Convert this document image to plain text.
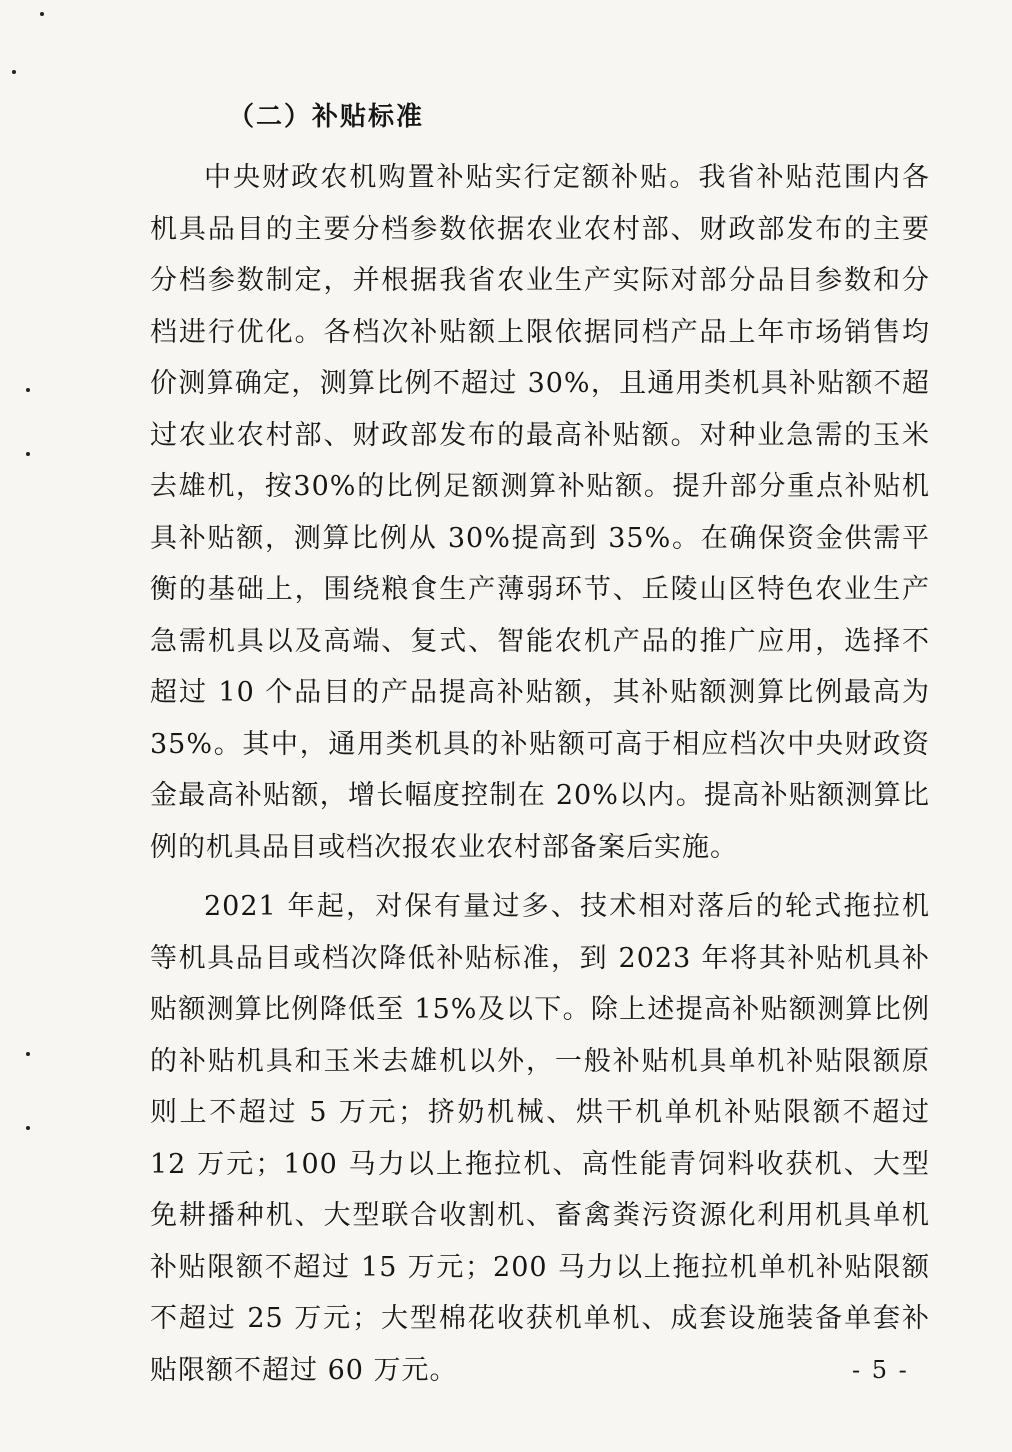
（二）补贴标准

中央财政农机购置补贴实行定额补贴。我省补贴范围内各机具品目的主要分档参数依据农业农村部、财政部发布的主要分档参数制定，并根据我省农业生产实际对部分品目参数和分档进行优化。各档次补贴额上限依据同档产品上年市场销售均价测算确定，测算比例不超过 30%，且通用类机具补贴额不超过农业农村部、财政部发布的最高补贴额。对种业急需的玉米去雄机，按30%的比例足额测算补贴额。提升部分重点补贴机具补贴额，测算比例从 30%提高到 35%。在确保资金供需平衡的基础上，围绕粮食生产薄弱环节、丘陵山区特色农业生产急需机具以及高端、复式、智能农机产品的推广应用，选择不超过 10 个品目的产品提高补贴额，其补贴额测算比例最高为 35%。其中，通用类机具的补贴额可高于相应档次中央财政资金最高补贴额，增长幅度控制在 20%以内。提高补贴额测算比例的机具品目或档次报农业农村部备案后实施。

2021 年起，对保有量过多、技术相对落后的轮式拖拉机等机具品目或档次降低补贴标准，到 2023 年将其补贴机具补贴额测算比例降低至 15%及以下。除上述提高补贴额测算比例的补贴机具和玉米去雄机以外，一般补贴机具单机补贴限额原则上不超过 5 万元；挤奶机械、烘干机单机补贴限额不超过 12 万元；100 马力以上拖拉机、高性能青饲料收获机、大型免耕播种机、大型联合收割机、畜禽粪污资源化利用机具单机补贴限额不超过 15 万元；200 马力以上拖拉机单机补贴限额不超过 25 万元；大型棉花收获机单机、成套设施装备单套补贴限额不超过 60 万元。	- 5 -
